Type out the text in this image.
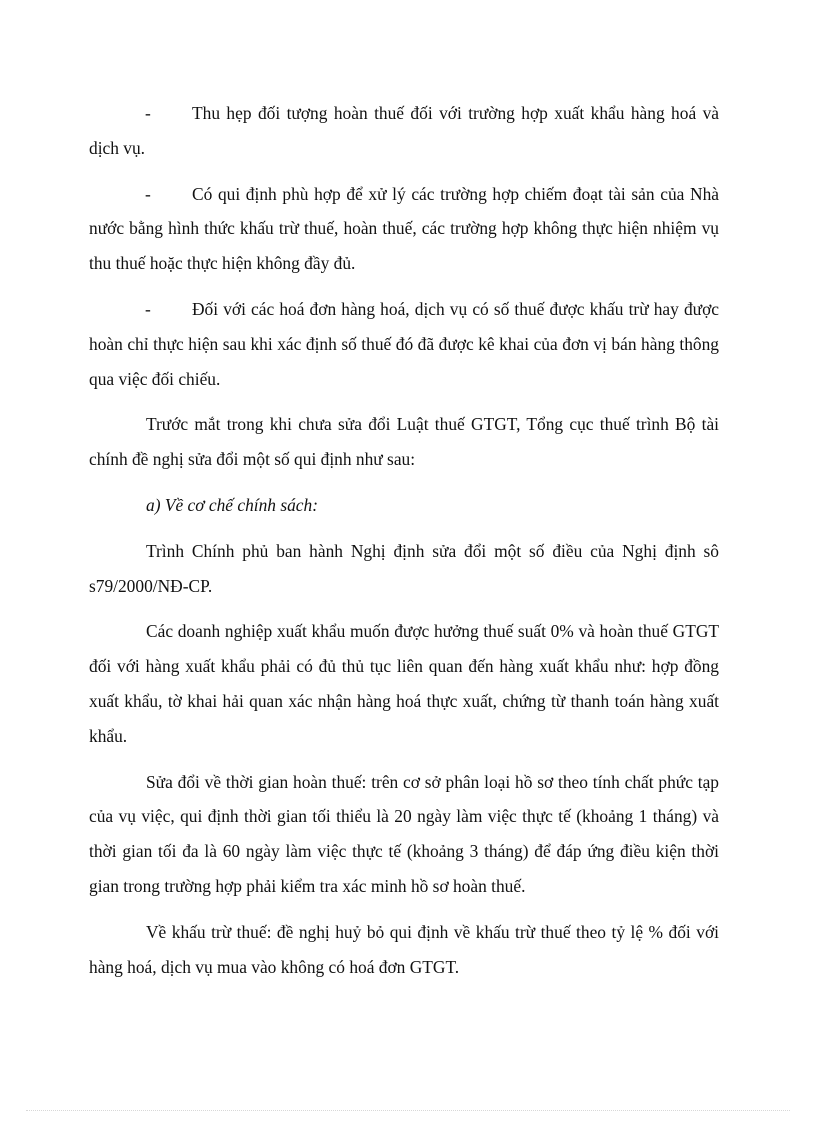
- Thu hẹp đối tượng hoàn thuế đối với trường hợp xuất khẩu hàng hoá và dịch vụ.

- Có qui định phù hợp để xử lý các trường hợp chiếm đoạt tài sản của Nhà nước bằng hình thức khấu trừ thuế, hoàn thuế, các trường hợp không thực hiện nhiệm vụ thu thuế hoặc thực hiện không đầy đủ.

- Đối với các hoá đơn hàng hoá, dịch vụ có số thuế được khấu trừ hay được hoàn chỉ thực hiện sau khi xác định số thuế đó đã được kê khai của đơn vị bán hàng thông qua việc đối chiếu.

Trước mắt trong khi chưa sửa đổi Luật thuế GTGT, Tổng cục thuế trình Bộ tài chính đề nghị sửa đổi một số qui định như sau:

a) Về cơ chế chính sách:

Trình Chính phủ ban hành Nghị định sửa đổi một số điều của Nghị định sô s79/2000/NĐ-CP.

Các doanh nghiệp xuất khẩu muốn được hưởng thuế suất 0% và hoàn thuế GTGT đối với hàng xuất khẩu phải có đủ thủ tục liên quan đến hàng xuất khẩu như: hợp đồng xuất khẩu, tờ khai hải quan xác nhận hàng hoá thực xuất, chứng từ thanh toán hàng xuất khẩu.

Sửa đổi về thời gian hoàn thuế: trên cơ sở phân loại hồ sơ theo tính chất phức tạp của vụ việc, qui định thời gian tối thiểu là 20 ngày làm việc thực tế (khoảng 1 tháng) và thời gian tối đa là 60 ngày làm việc thực tế (khoảng 3 tháng) để đáp ứng điều kiện thời gian trong trường hợp phải kiểm tra xác minh hồ sơ hoàn thuế.

Về khấu trừ thuế: đề nghị huỷ bỏ qui định về khấu trừ thuế theo tỷ lệ % đối với hàng hoá, dịch vụ mua vào không có hoá đơn GTGT.
